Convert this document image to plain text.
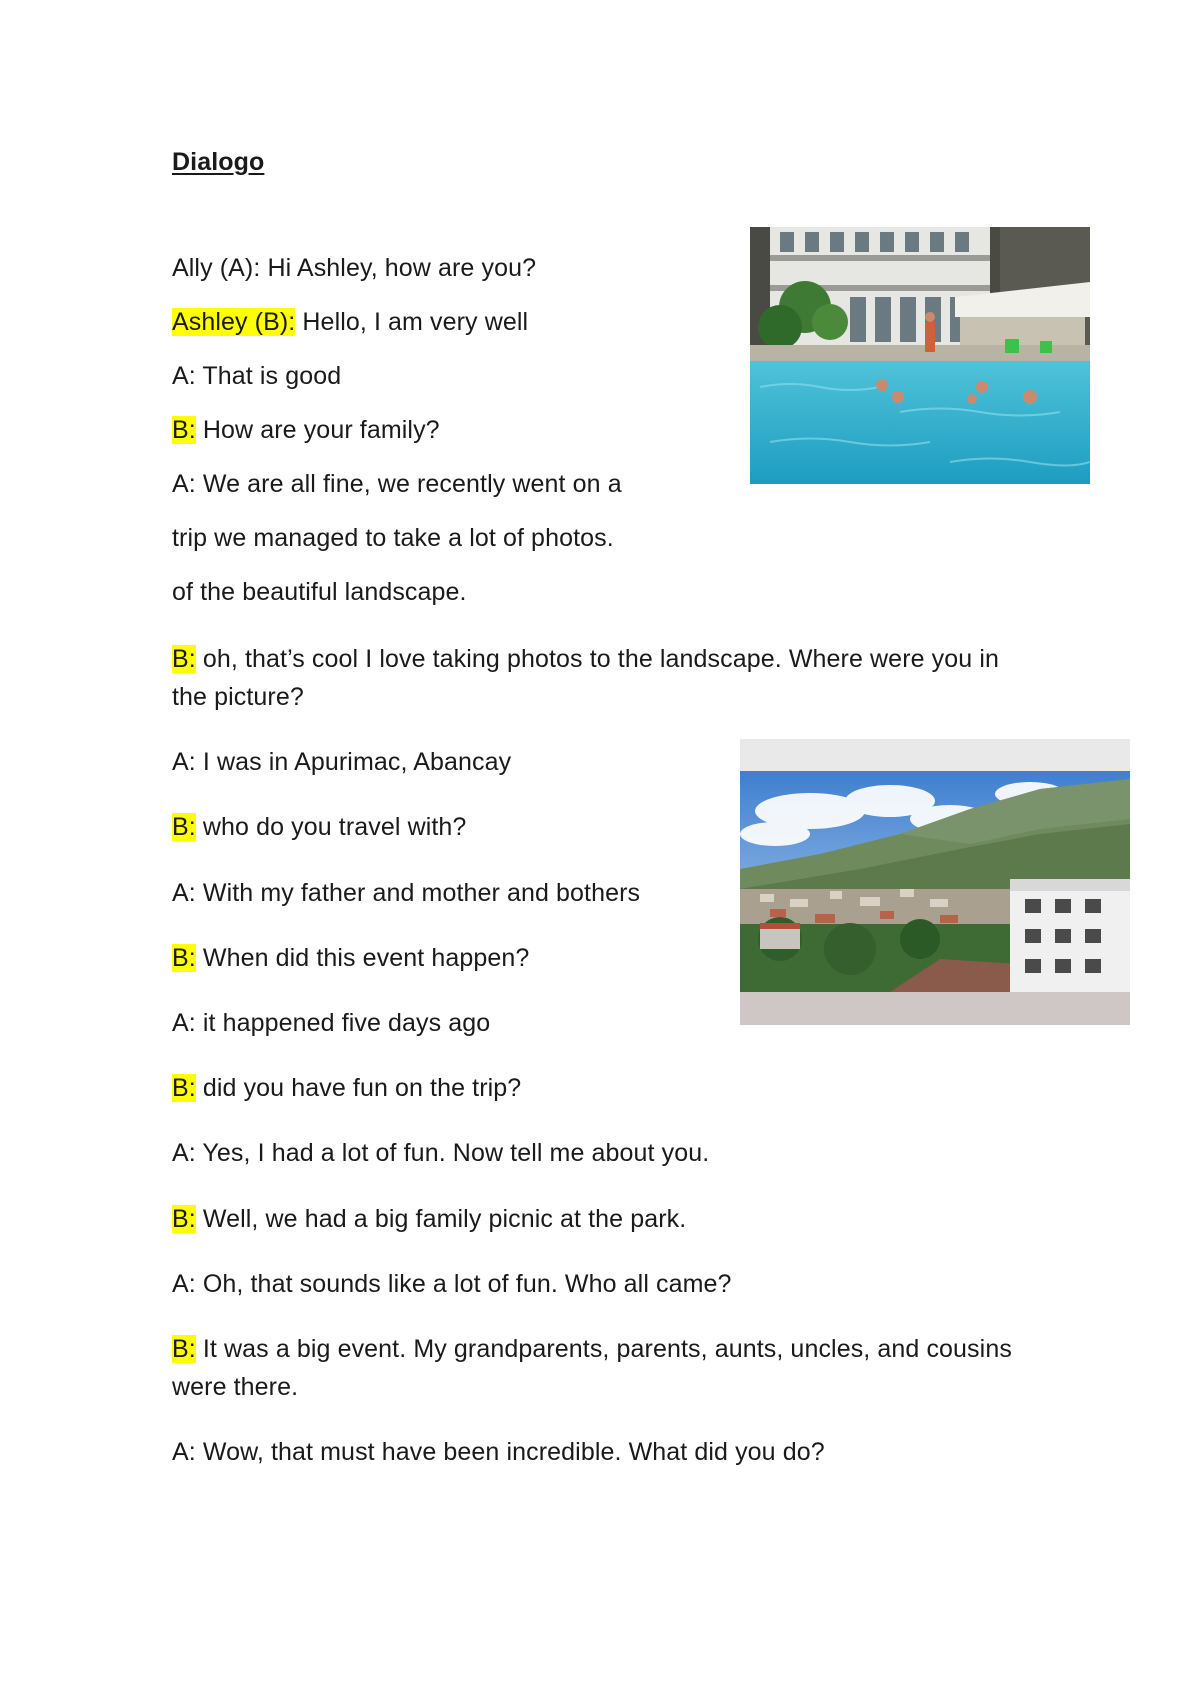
Dialogo
Ally (A): Hi Ashley, how are you?
Ashley (B): Hello, I am very well
A: That is good
B: How are your family?
A: We are all fine, we recently went on a
trip we managed to take a lot of photos.
of the beautiful landscape.
B: oh, that’s cool I love taking photos to the landscape. Where were you in the picture?
A: I was in Apurimac, Abancay
B: who do you travel with?
A: With my father and mother and bothers
B: When did this event happen?
A: it happened five days ago
B: did you have fun on the trip?
A: Yes, I had a lot of fun. Now tell me about you.
B: Well, we had a big family picnic at the park.
A: Oh, that sounds like a lot of fun. Who all came?
B: It was a big event. My grandparents, parents, aunts, uncles, and cousins were there.
A: Wow, that must have been incredible. What did you do?
